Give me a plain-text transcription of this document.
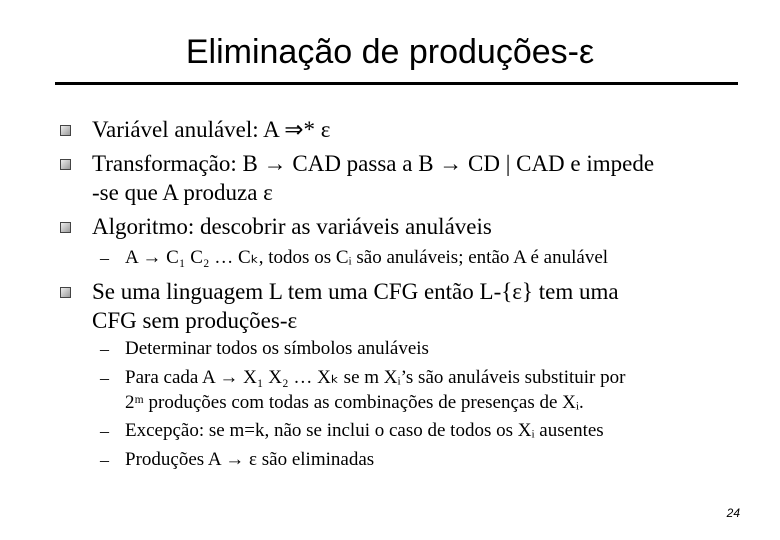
Eliminação de produções-ε
Variável anulável: A ⇒* ε
Transformação: B → CAD passa a B → CD | CAD e impede
-se que A produza ε
Algoritmo: descobrir as variáveis anuláveis
– A → C₁ C₂ … Cₖ, todos os Cᵢ são anuláveis; então A é anulável
Se uma linguagem L tem uma CFG então L-{ε} tem uma
CFG sem produções-ε
– Determinar todos os símbolos anuláveis
– Para cada A → X₁ X₂ … Xₖ se m Xᵢ’s são anuláveis substituir por
2ᵐ produções com todas as combinações de presenças de Xᵢ.
– Excepção: se m=k, não se inclui o caso de todos os Xᵢ ausentes
– Produções A → ε são eliminadas
24
